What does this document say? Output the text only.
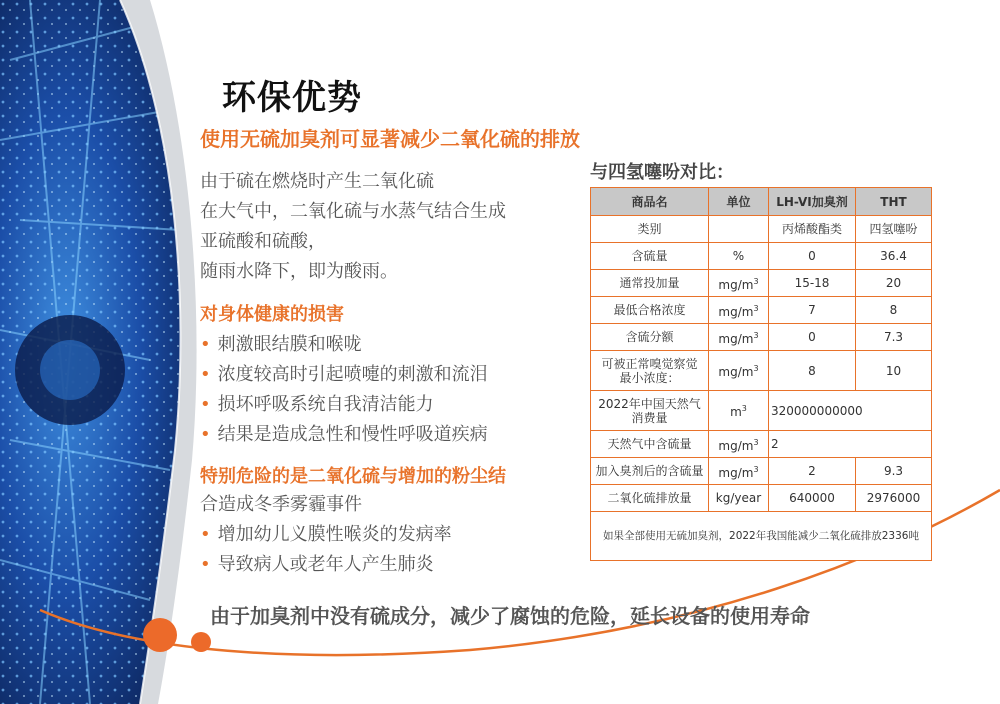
环保优势
使用无硫加臭剂可显著减少二氧化硫的排放
由于硫在燃烧时产生二氧化硫
在大气中，二氧化硫与水蒸气结合生成
亚硫酸和硫酸，
随雨水降下，即为酸雨。
对身体健康的损害
• 刺激眼结膜和喉咙
• 浓度较高时引起喷嚏的刺激和流泪
• 损坏呼吸系统自我清洁能力
• 结果是造成急性和慢性呼吸道疾病
特别危险的是二氧化硫与增加的粉尘结
合造成冬季雾霾事件
• 增加幼儿义膜性喉炎的发病率
• 导致病人或老年人产生肺炎
与四氢噻吩对比：
商品名	单位	LH-VI加臭剂	THT
类别		丙烯酸酯类	四氢噻吩
含硫量	%	0	36.4
通常投加量	$mg/m^3$	15-18	20
最低合格浓度	$mg/m^3$	7	8
含硫分额	$mg/m^3$	0	7.3
可被正常嗅觉察觉
最小浓度：	$mg/m^3$	8	10
2022年中国天然气
消费量	$m^3$	320000000000	
天然气中含硫量	$mg/m^3$	2	
加入臭剂后的含硫量	$mg/m^3$	2	9.3
二氧化硫排放量	kg/year	640000	2976000
如果全部使用无硫加臭剂，2022年我国能减少二氧化硫排放2336吨			
由于加臭剂中没有硫成分，减少了腐蚀的危险，延长设备的使用寿命
